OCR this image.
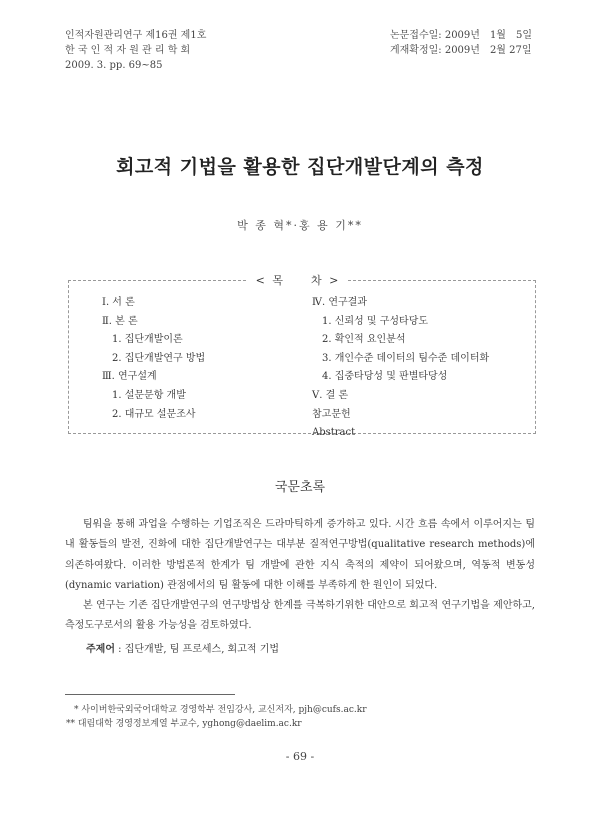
인적자원관리연구 제16권 제1호
한 국 인 적 자 원 관 리 학 회
2009. 3. pp. 69~85
논문접수일: 2009년　1월　5일
게재확정일: 2009년　2월 27일
회고적 기법을 활용한 집단개발단계의 측정
박 종 혁*·홍 용 기**
< 목　　차 >
Ⅰ. 서 론
Ⅱ. 본 론
1. 집단개발이론
2. 집단개발연구 방법
Ⅲ. 연구설계
1. 설문문항 개발
2. 대규모 설문조사
Ⅳ. 연구결과
1. 신뢰성 및 구성타당도
2. 확인적 요인분석
3. 개인수준 데이터의 팀수준 데이터화
4. 집중타당성 및 판별타당성
Ⅴ. 결 론
참고문헌
Abstract
국문초록

팀워을 통해 과업을 수행하는 기업조직은 드라마틱하게 증가하고 있다. 시간 흐름 속에서 이루어지는 팀 내 활동들의 발전, 진화에 대한 집단개발연구는 대부분 질적연구방법(qualitative research methods)에 의존하여왔다. 이러한 방법론적 한계가 팀 개발에 관한 지식 축적의 제약이 되어왔으며, 역동적 변동성(dynamic variation) 관점에서의 팀 활동에 대한 이해를 부족하게 한 원인이 되었다.

본 연구는 기존 집단개발연구의 연구방법상 한계를 극복하기위한 대안으로 회고적 연구기법을 제안하고, 측정도구로서의 활용 가능성을 검토하였다.

주제어 : 집단개발, 팀 프로세스, 회고적 기법
* 사이버한국외국어대학교 경영학부 전임강사, 교신저자, pjh@cufs.ac.kr
** 대림대학 경영정보계열 부교수, yghong@daelim.ac.kr
- 69 -
